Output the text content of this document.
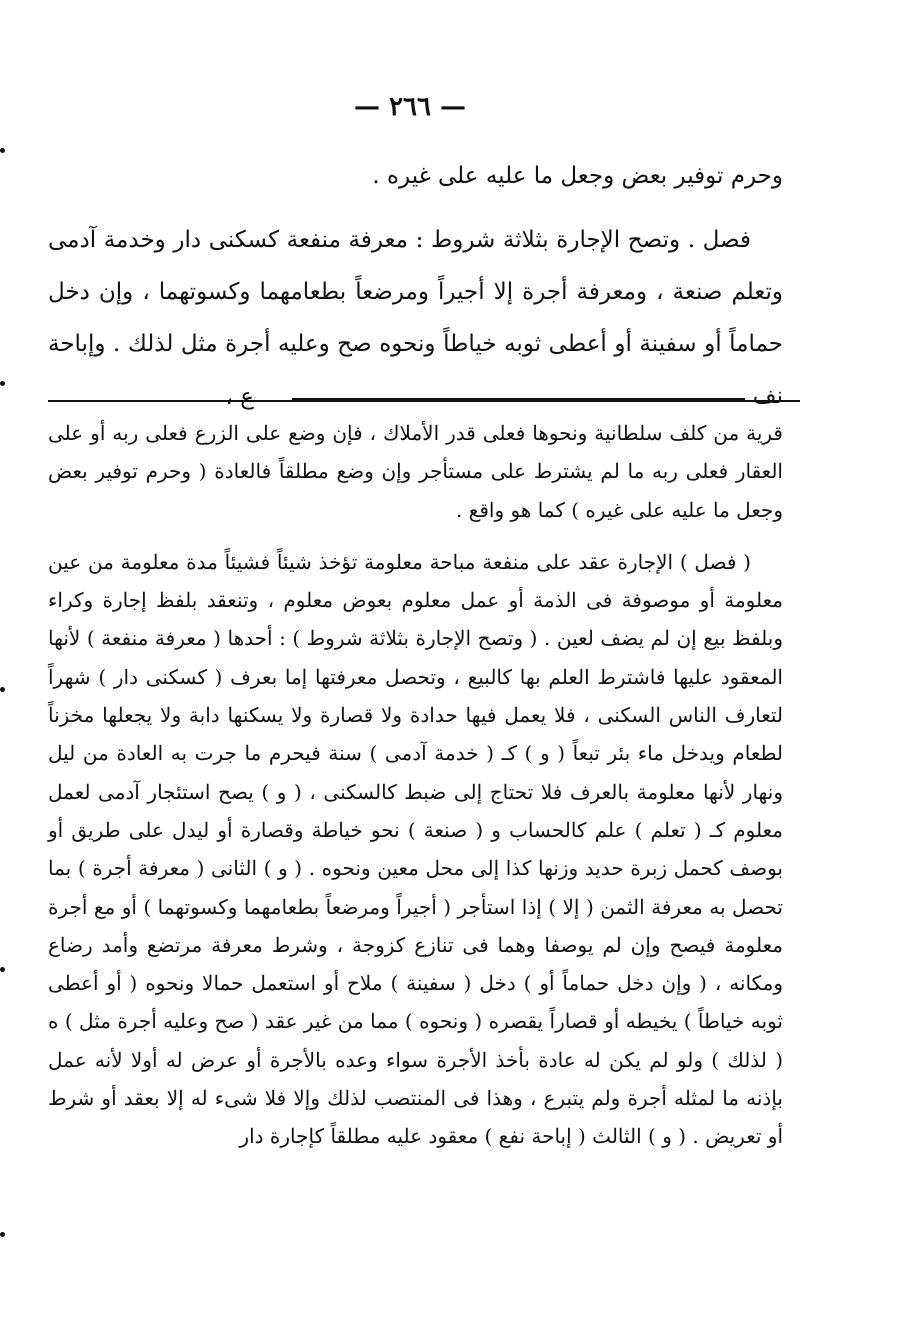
— ٢٦٦ —

وحرم توفير بعض وجعل ما عليه على غيره .

فصل . وتصح الإجارة بثلاثة شروط : معرفة منفعة كسكنى دار وخدمة آدمى وتعلم صنعة ، ومعرفة أجرة إلا أجيراً ومرضعاً بطعامهما وكسوتهما ، وإن دخل حماماً أو سفينة أو أعطى ثوبه خياطاً ونحوه صح وعليه أجرة مثل لذلك . وإباحة نف
ع ،

قرية من كلف سلطانية ونحوها فعلى قدر الأملاك ، فإن وضع على الزرع فعلى ربه أو على العقار فعلى ربه ما لم يشترط على مستأجر وإن وضع مطلقاً فالعادة ( وحرم توفير بعض وجعل ما عليه على غيره ) كما هو واقع .

( فصل ) الإجارة عقد على منفعة مباحة معلومة تؤخذ شيئاً فشيئاً مدة معلومة من عين معلومة أو موصوفة فى الذمة أو عمل معلوم بعوض معلوم ، وتنعقد بلفظ إجارة وكراء وبلفظ بيع إن لم يضف لعين . ( وتصح الإجارة بثلاثة شروط ) : أحدها ( معرفة منفعة ) لأنها المعقود عليها فاشترط العلم بها كالبيع ، وتحصل معرفتها إما بعرف ( كسكنى دار ) شهراً لتعارف الناس السكنى ، فلا يعمل فيها حدادة ولا قصارة ولا يسكنها دابة ولا يجعلها مخزناً لطعام ويدخل ماء بئر تبعاً ( و ) كـ ( خدمة آدمى ) سنة فيحرم ما جرت به العادة من ليل ونهار لأنها معلومة بالعرف فلا تحتاج إلى ضبط كالسكنى ، ( و ) يصح استئجار آدمى لعمل معلوم كـ ( تعلم ) علم كالحساب و ( صنعة ) نحو خياطة وقصارة أو ليدل على طريق أو بوصف كحمل زبرة حديد وزنها كذا إلى محل معين ونحوه . ( و ) الثانى ( معرفة أجرة ) بما تحصل به معرفة الثمن ( إلا ) إذا استأجر ( أجيراً ومرضعاً بطعامهما وكسوتهما ) أو مع أجرة معلومة فيصح وإن لم يوصفا وهما فى تنازع كزوجة ، وشرط معرفة مرتضع وأمد رضاع ومكانه ، ( وإن دخل حماماً أو ) دخل ( سفينة ) ملاح أو استعمل حمالا ونحوه ( أو أعطى ثوبه خياطاً ) يخيطه أو قصاراً يقصره ( ونحوه ) مما من غير عقد ( صح وعليه أجرة مثل ) ه ( لذلك ) ولو لم يكن له عادة بأخذ الأجرة سواء وعده بالأجرة أو عرض له أولا لأنه عمل بإذنه ما لمثله أجرة ولم يتبرع ، وهذا فى المنتصب لذلك وإلا فلا شىء له إلا بعقد أو شرط أو تعريض . ( و ) الثالث ( إباحة نفع ) معقود عليه مطلقاً كإجارة دار
